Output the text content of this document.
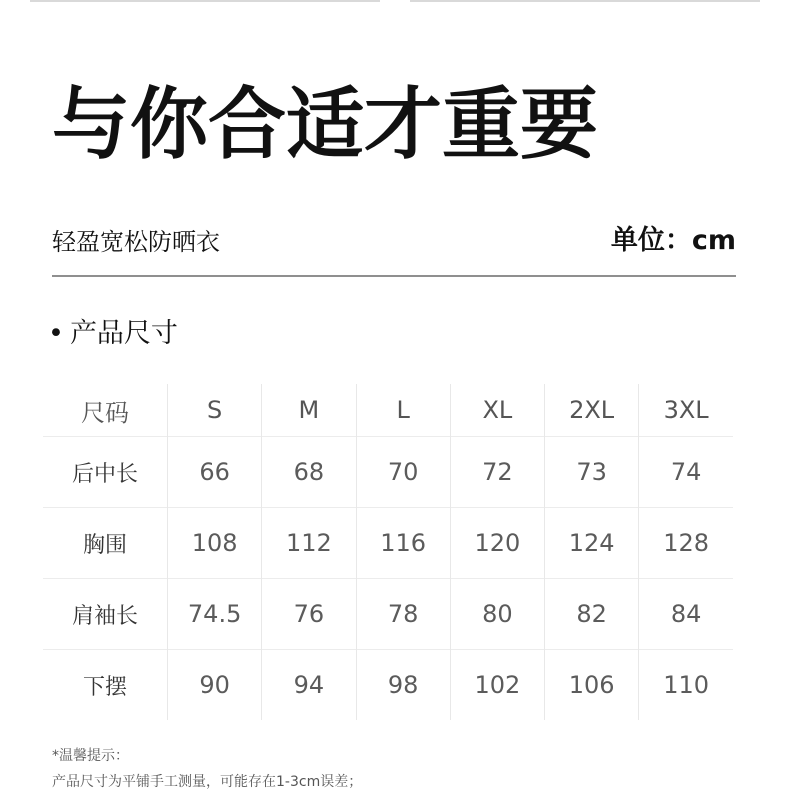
与你合适才重要
轻盈宽松防晒衣	单位：cm
• 产品尺寸
尺码	S	M	L	XL	2XL	3XL
后中长	66	68	70	72	73	74
胸围	108	112	116	120	124	128
肩袖长	74.5	76	78	80	82	84
下摆	90	94	98	102	106	110
*温馨提示：
产品尺寸为平铺手工测量，可能存在1-3cm误差；
